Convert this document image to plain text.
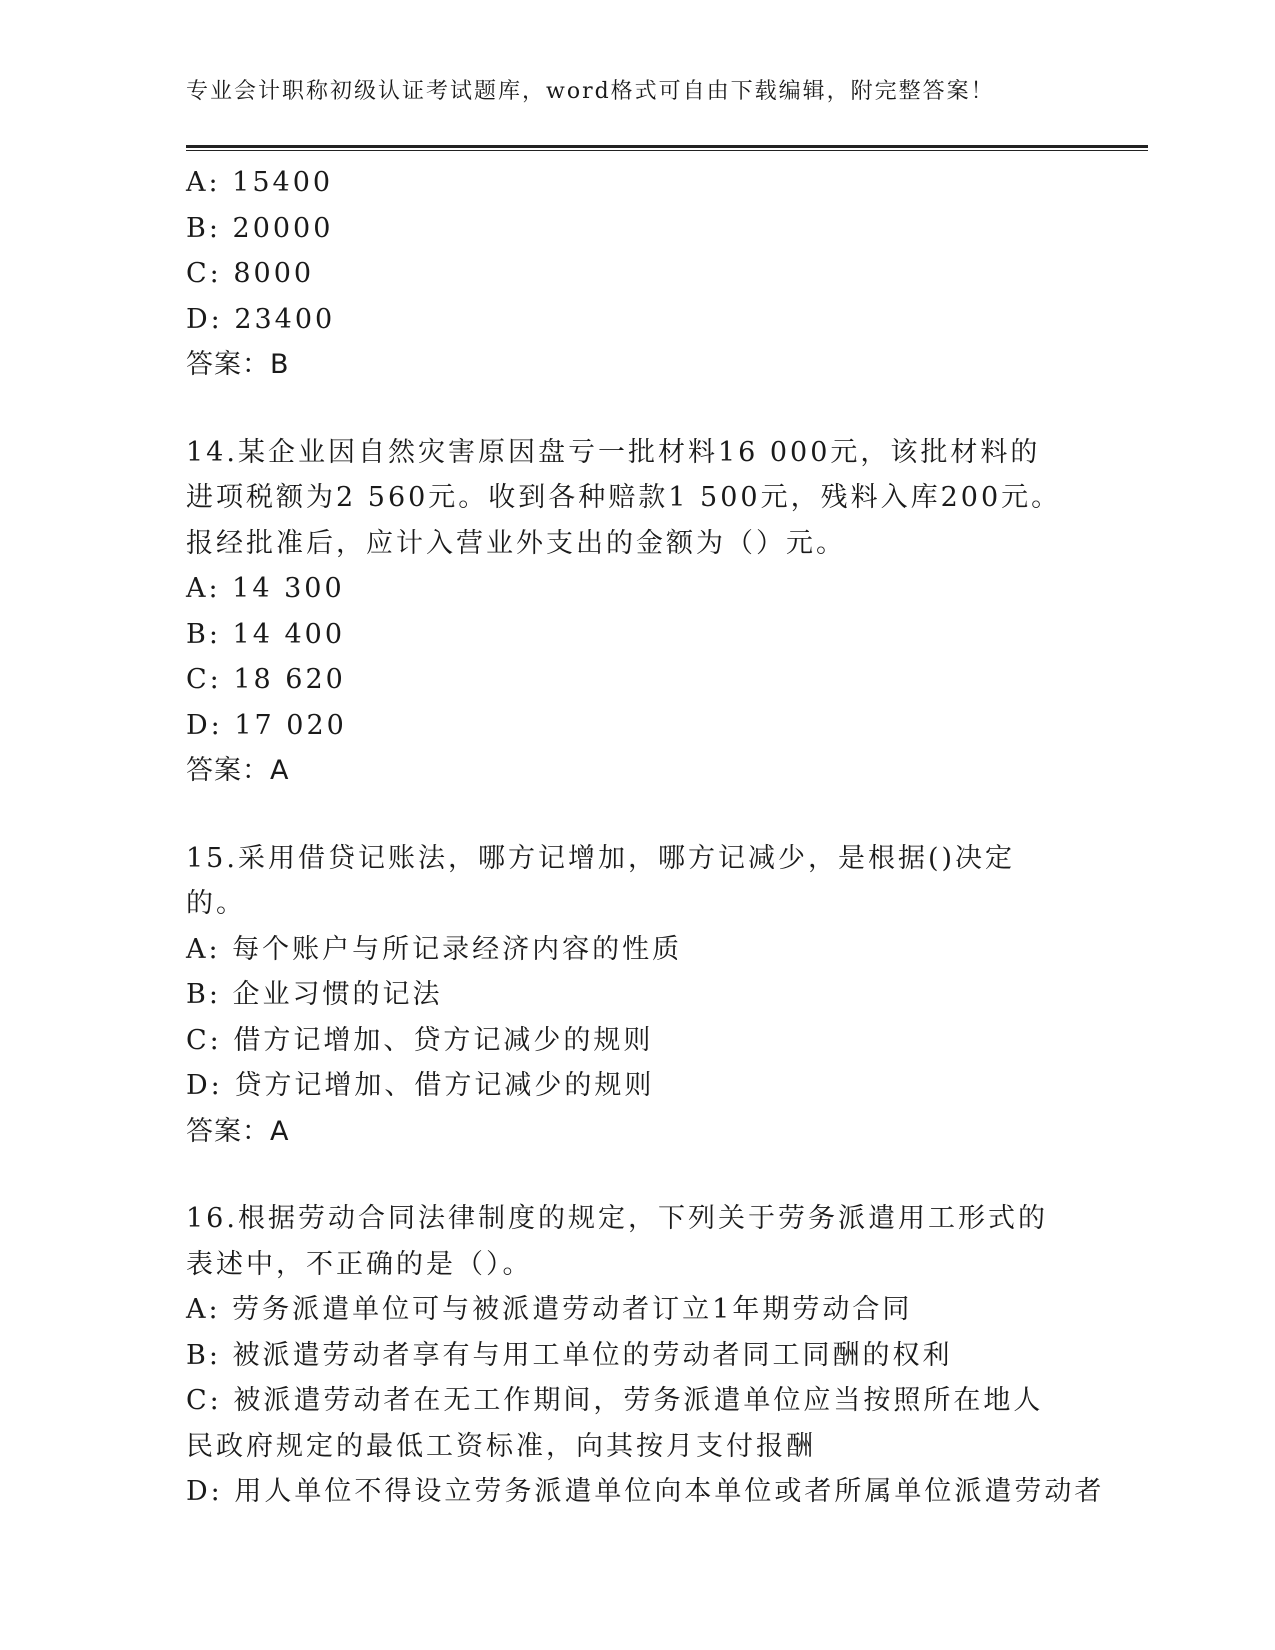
专业会计职称初级认证考试题库，word格式可自由下载编辑，附完整答案！
A: 15400
B: 20000
C: 8000
D: 23400
答案：B
14.某企业因自然灾害原因盘亏一批材料16 000元，该批材料的进项税额为2 560元。收到各种赔款1 500元，残料入库200元。报经批准后，应计入营业外支出的金额为（）元。
A: 14 300
B: 14 400
C: 18 620
D: 17 020
答案：A
15.采用借贷记账法，哪方记增加，哪方记减少，是根据()决定的。
A: 每个账户与所记录经济内容的性质
B: 企业习惯的记法
C: 借方记增加、贷方记减少的规则
D: 贷方记增加、借方记减少的规则
答案：A
16.根据劳动合同法律制度的规定，下列关于劳务派遣用工形式的表述中，不正确的是（）。
A: 劳务派遣单位可与被派遣劳动者订立1年期劳动合同
B: 被派遣劳动者享有与用工单位的劳动者同工同酬的权利
C: 被派遣劳动者在无工作期间，劳务派遣单位应当按照所在地人民政府规定的最低工资标准，向其按月支付报酬
D: 用人单位不得设立劳务派遣单位向本单位或者所属单位派遣劳动者
